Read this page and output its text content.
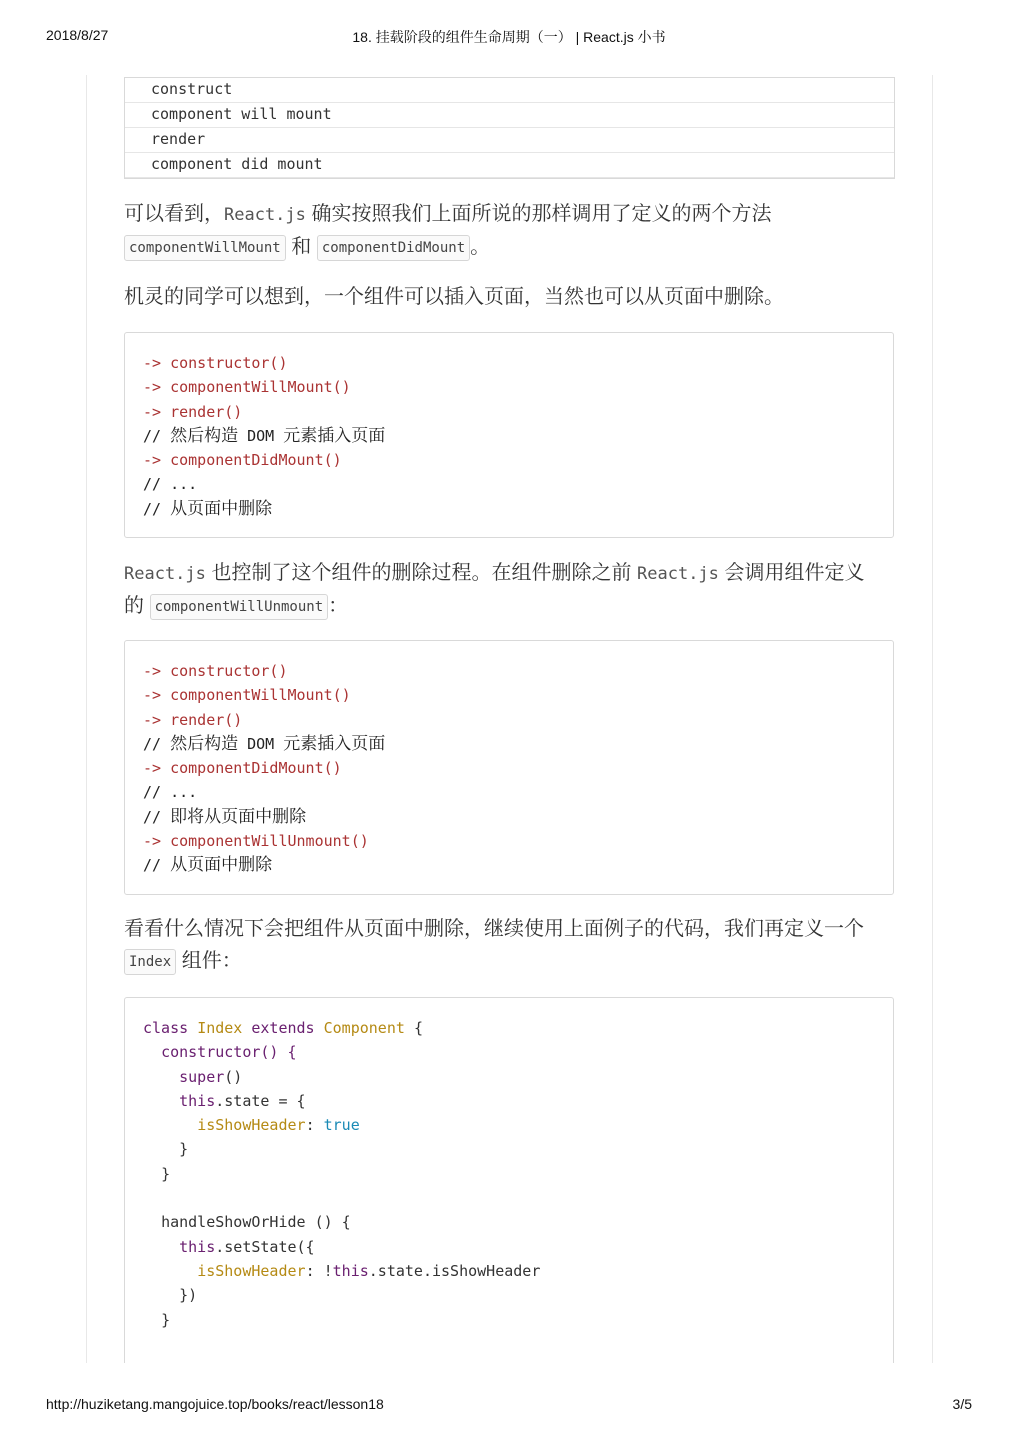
2018/8/27	18. 挂载阶段的组件生命周期（一） | React.js 小书
http://huziketang.mangojuice.top/books/react/lesson18	3/5
construct
component will mount
render
component did mount
可以看到，React.js 确实按照我们上面所说的那样调用了定义的两个方法
componentWillMount 和 componentDidMount 。
机灵的同学可以想到，一个组件可以插入页面，当然也可以从页面中删除。
-> constructor()
-> componentWillMount()
-> render()
// 然后构造 DOM 元素插入页面
-> componentDidMount()
// ...
// 从页面中删除
React.js 也控制了这个组件的删除过程。在组件删除之前 React.js 会调用组件定义
的 componentWillUnmount ：
-> constructor()
-> componentWillMount()
-> render()
// 然后构造 DOM 元素插入页面
-> componentDidMount()
// ...
// 即将从页面中删除
-> componentWillUnmount()
// 从页面中删除
看看什么情况下会把组件从页面中删除，继续使用上面例子的代码，我们再定义一个
Index 组件：
class Index extends Component {
constructor() {
super()
this.state = {
isShowHeader: true
}
}

handleShowOrHide () {
this.setState({
isShowHeader: !this.state.isShowHeader
})
}
